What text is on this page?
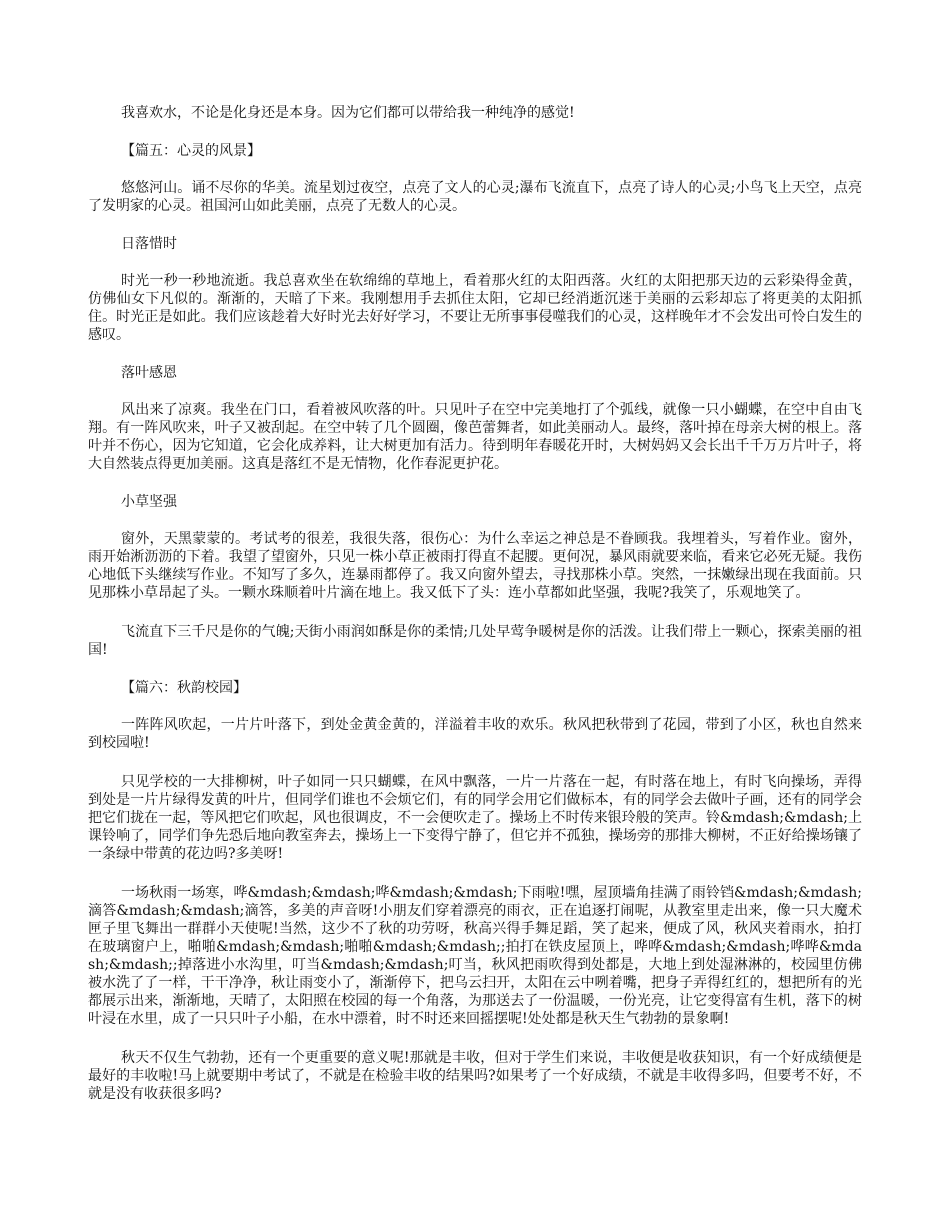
我喜欢水，不论是化身还是本身。因为它们都可以带给我一种纯净的感觉!

【篇五：心灵的风景】

悠悠河山。诵不尽你的华美。流星划过夜空，点亮了文人的心灵;瀑布飞流直下，点亮了诗人的心灵;小鸟飞上天空，点亮了发明家的心灵。祖国河山如此美丽，点亮了无数人的心灵。

日落惜时

时光一秒一秒地流逝。我总喜欢坐在软绵绵的草地上，看着那火红的太阳西落。火红的太阳把那天边的云彩染得金黄，仿佛仙女下凡似的。渐渐的，天暗了下来。我刚想用手去抓住太阳，它却已经消逝沉迷于美丽的云彩却忘了将更美的太阳抓住。时光正是如此。我们应该趁着大好时光去好好学习，不要让无所事事侵噬我们的心灵，这样晚年才不会发出可怜白发生的感叹。

落叶感恩

风出来了凉爽。我坐在门口，看着被风吹落的叶。只见叶子在空中完美地打了个弧线，就像一只小蝴蝶，在空中自由飞翔。有一阵风吹来，叶子又被刮起。在空中转了几个圆圈，像芭蕾舞者，如此美丽动人。最终，落叶掉在母亲大树的根上。落叶并不伤心，因为它知道，它会化成养料，让大树更加有活力。待到明年春暖花开时，大树妈妈又会长出千千万万片叶子，将大自然装点得更加美丽。这真是落红不是无情物，化作春泥更护花。

小草坚强

窗外，天黑蒙蒙的。考试考的很差，我很失落，很伤心：为什么幸运之神总是不眷顾我。我埋着头，写着作业。窗外，雨开始淅沥沥的下着。我望了望窗外，只见一株小草正被雨打得直不起腰。更何况，暴风雨就要来临，看来它必死无疑。我伤心地低下头继续写作业。不知写了多久，连暴雨都停了。我又向窗外望去，寻找那株小草。突然，一抹嫩绿出现在我面前。只见那株小草昂起了头。一颗水珠顺着叶片滴在地上。我又低下了头：连小草都如此坚强，我呢?我笑了，乐观地笑了。

飞流直下三千尺是你的气魄;天街小雨润如酥是你的柔情;几处早莺争暖树是你的活泼。让我们带上一颗心，探索美丽的祖国!

【篇六：秋韵校园】

一阵阵风吹起，一片片叶落下，到处金黄金黄的，洋溢着丰收的欢乐。秋风把秋带到了花园，带到了小区，秋也自然来到校园啦!

只见学校的一大排柳树，叶子如同一只只蝴蝶，在风中飘落，一片一片落在一起，有时落在地上，有时飞向操场，弄得到处是一片片绿得发黄的叶片，但同学们谁也不会烦它们，有的同学会用它们做标本，有的同学会去做叶子画，还有的同学会把它们拢在一起，等风把它们吹起，风也很调皮，不一会便吹走了。操场上不时传来银玲般的笑声。铃&mdash;&mdash;上课铃响了，同学们争先恐后地向教室奔去，操场上一下变得宁静了，但它并不孤独，操场旁的那排大柳树，不正好给操场镶了一条绿中带黄的花边吗?多美呀!

一场秋雨一场寒，哗&mdash;&mdash;哗&mdash;&mdash;下雨啦!嘿，屋顶墙角挂满了雨铃铛&mdash;&mdash;滴答&mdash;&mdash;滴答，多美的声音呀!小朋友们穿着漂亮的雨衣，正在追逐打闹呢，从教室里走出来，像一只大魔术匣子里飞舞出一群群小天使呢!当然，这少不了秋的功劳呀，秋高兴得手舞足蹈，笑了起来，便成了风，秋风夹着雨水，拍打在玻璃窗户上，啪啪&mdash;&mdash;啪啪&mdash;&mdash;;拍打在铁皮屋顶上，哗哗&mdash;&mdash;哗哗&mdash;&mdash;;掉落进小水沟里，叮当&mdash;&mdash;叮当，秋风把雨吹得到处都是，大地上到处湿淋淋的，校园里仿佛被水洗了了一样，干干净净，秋让雨变小了，渐渐停下，把乌云扫开，太阳在云中咧着嘴，把身子弄得红红的，想把所有的光都展示出来，渐渐地，天晴了，太阳照在校园的每一个角落，为那送去了一份温暖，一份光亮，让它变得富有生机，落下的树叶浸在水里，成了一只只叶子小船，在水中漂着，时不时还来回摇摆呢!处处都是秋天生气勃勃的景象啊!

秋天不仅生气勃勃，还有一个更重要的意义呢!那就是丰收，但对于学生们来说，丰收便是收获知识，有一个好成绩便是最好的丰收啦!马上就要期中考试了，不就是在检验丰收的结果吗?如果考了一个好成绩，不就是丰收得多吗，但要考不好，不就是没有收获很多吗?
